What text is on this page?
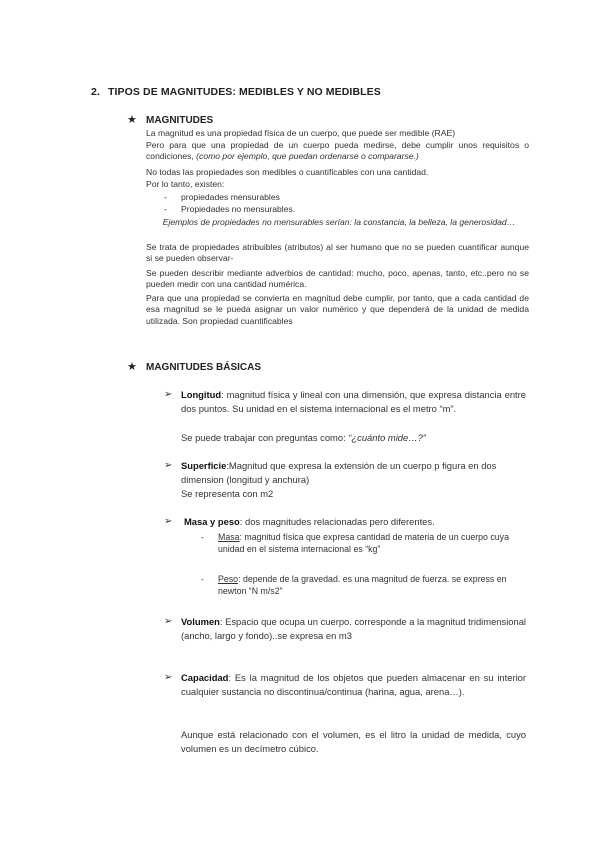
2. TIPOS DE MAGNITUDES: MEDIBLES Y NO MEDIBLES
★ MAGNITUDES
La magnitud es una propiedad física de un cuerpo, que puede ser medible (RAE)
Pero para que una propiedad de un cuerpo pueda medirse, debe cumplir unos requisitos o condiciones, (como por ejemplo, que puedan ordenarse o compararse.)
No todas las propiedades son medibles o cuantificables con una cantidad.
Por lo tanto, existen:
- propiedades mensurables
- Propiedades no mensurables.
Ejemplos de propiedades no mensurables serían: la constancia, la belleza, la generosidad…
Se trata de propiedades atribuibles (atributos) al ser humano que no se pueden cuantificar aunque si se pueden observar-
Se pueden describir mediante adverbios de cantidad: mucho, poco, apenas, tanto, etc..pero no se pueden medir con una cantidad numérica.
Para que una propiedad se convierta en magnitud debe cumplir, por tanto, que a cada cantidad de esa magnitud se le pueda asignar un valor numérico y que dependerá de la unidad de medida utilizada. Son propiedad cuantificables
★ MAGNITUDES BÁSICAS
➢ Longitud: magnitud física y lineal con una dimensión, que expresa distancia entre dos puntos. Su unidad en el sistema internacional es el metro “m”.
Se puede trabajar con preguntas como: “¿cuánto mide…?”
➢ Superficie:Magnitud que expresa la extensión de un cuerpo p figura en dos dimension (longitud y anchura)
Se representa con m2
➢ Masa y peso: dos magnitudes relacionadas pero diferentes.
- Masa: magnitud física que expresa cantidad de materia de un cuerpo cuya unidad en el sistema internacional es “kg”
- Peso: depende de la gravedad. es una magnitud de fuerza. se express en newton “N m/s2”
➢ Volumen: Espacio que ocupa un cuerpo. corresponde a la magnitud tridimensional (ancho, largo y fondo)..se expresa en m3
➢ Capacidad: Es la magnitud de los objetos que pueden almacenar en su interior cualquier sustancia no discontinua/continua (harina, agua, arena…).
Aunque está relacionado con el volumen, es el litro la unidad de medida, cuyo volumen es un decímetro cúbico.
